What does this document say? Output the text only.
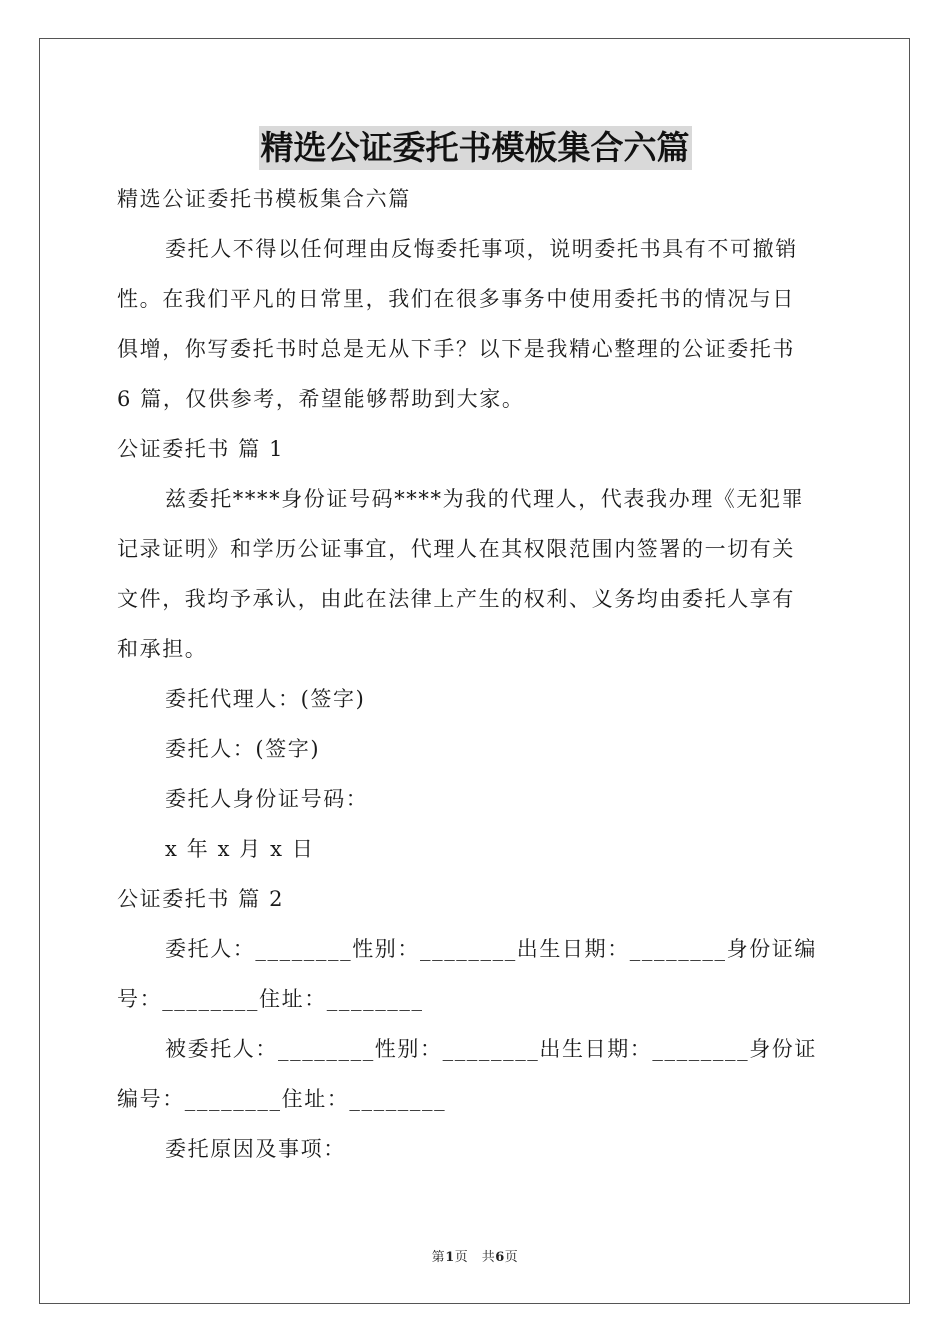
精选公证委托书模板集合六篇
精选公证委托书模板集合六篇
委托人不得以任何理由反悔委托事项，说明委托书具有不可撤销
性。在我们平凡的日常里，我们在很多事务中使用委托书的情况与日
俱增，你写委托书时总是无从下手？以下是我精心整理的公证委托书
6 篇，仅供参考，希望能够帮助到大家。
公证委托书 篇 1
兹委托****身份证号码****为我的代理人，代表我办理《无犯罪
记录证明》和学历公证事宜，代理人在其权限范围内签署的一切有关
文件，我均予承认，由此在法律上产生的权利、义务均由委托人享有
和承担。
委托代理人：(签字)
委托人：(签字)
委托人身份证号码：
x 年 x 月 x 日
公证委托书 篇 2
委托人：________性别：________出生日期：________身份证编
号：________住址：________
被委托人：________性别：________出生日期：________身份证
编号：________住址：________
委托原因及事项：
第1页　共6页
